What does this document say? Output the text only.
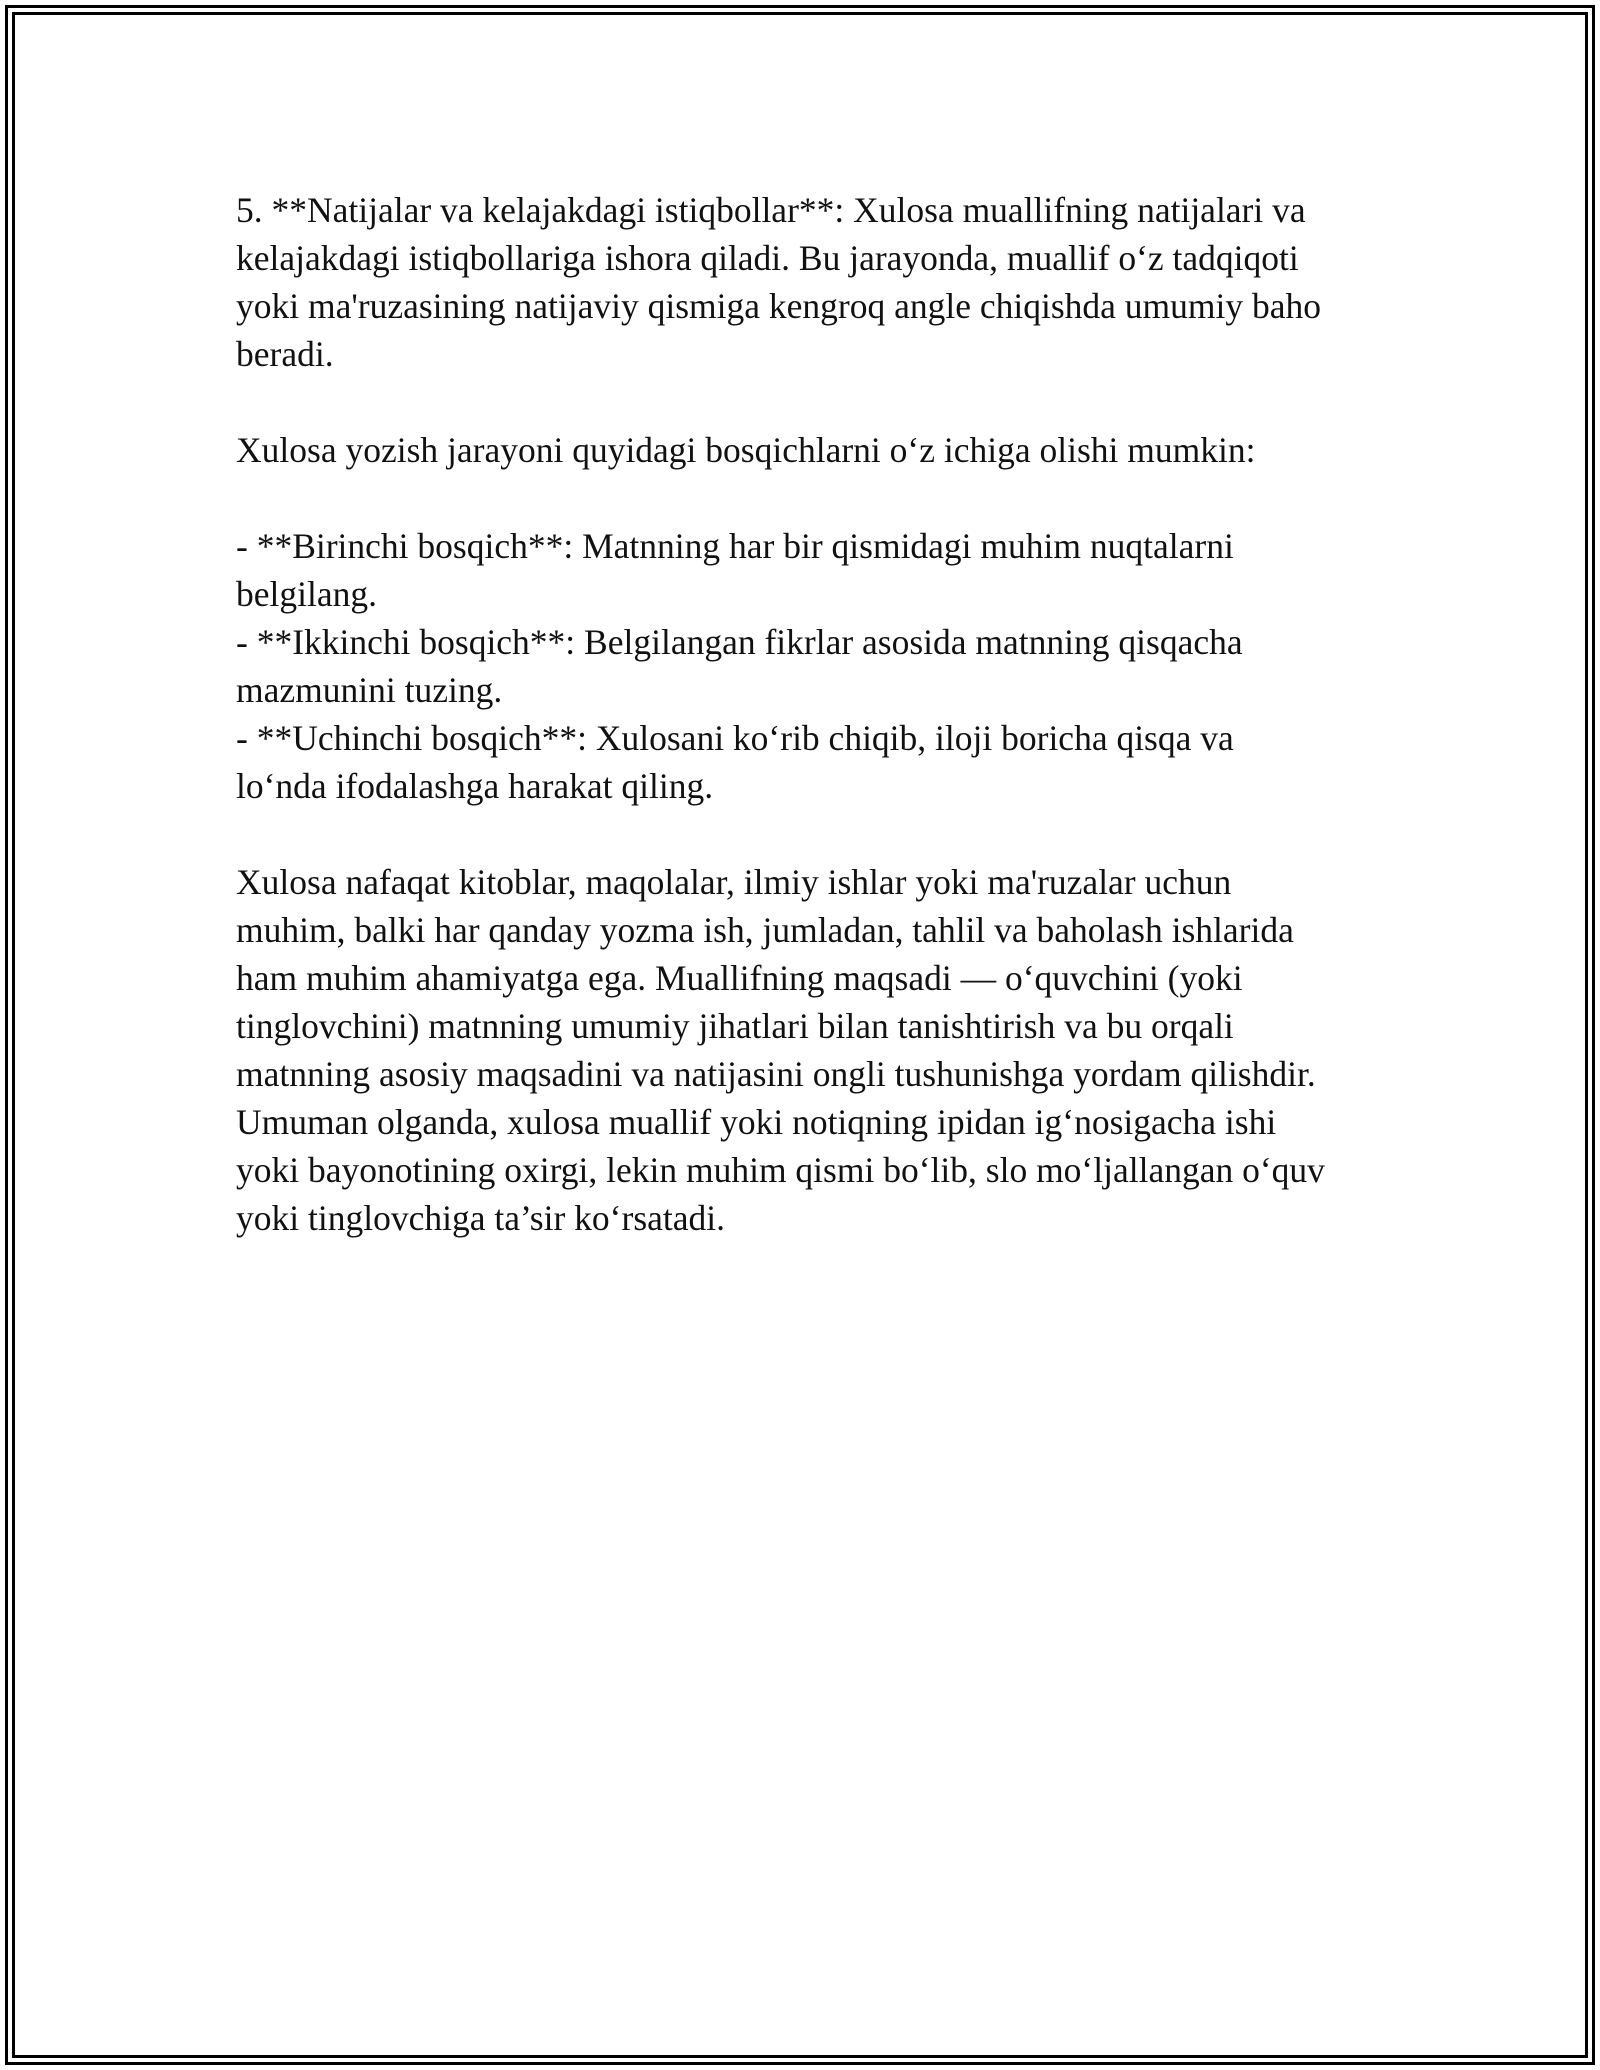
5. **Natijalar va kelajakdagi istiqbollar**: Xulosa muallifning natijalari va
kelajakdagi istiqbollariga ishora qiladi. Bu jarayonda, muallif o‘z tadqiqoti
yoki ma'ruzasining natijaviy qismiga kengroq angle chiqishda umumiy baho
beradi.

Xulosa yozish jarayoni quyidagi bosqichlarni o‘z ichiga olishi mumkin:

- **Birinchi bosqich**: Matnning har bir qismidagi muhim nuqtalarni
belgilang.
- **Ikkinchi bosqich**: Belgilangan fikrlar asosida matnning qisqacha
mazmunini tuzing.
- **Uchinchi bosqich**: Xulosani ko‘rib chiqib, iloji boricha qisqa va
lo‘nda ifodalashga harakat qiling.

Xulosa nafaqat kitoblar, maqolalar, ilmiy ishlar yoki ma'ruzalar uchun
muhim, balki har qanday yozma ish, jumladan, tahlil va baholash ishlarida
ham muhim ahamiyatga ega. Muallifning maqsadi — o‘quvchini (yoki
tinglovchini) matnning umumiy jihatlari bilan tanishtirish va bu orqali
matnning asosiy maqsadini va natijasini ongli tushunishga yordam qilishdir.
Umuman olganda, xulosa muallif yoki notiqning ipidan ig‘nosigacha ishi
yoki bayonotining oxirgi, lekin muhim qismi bo‘lib, slo mo‘ljallangan o‘quv
yoki tinglovchiga ta’sir ko‘rsatadi.
